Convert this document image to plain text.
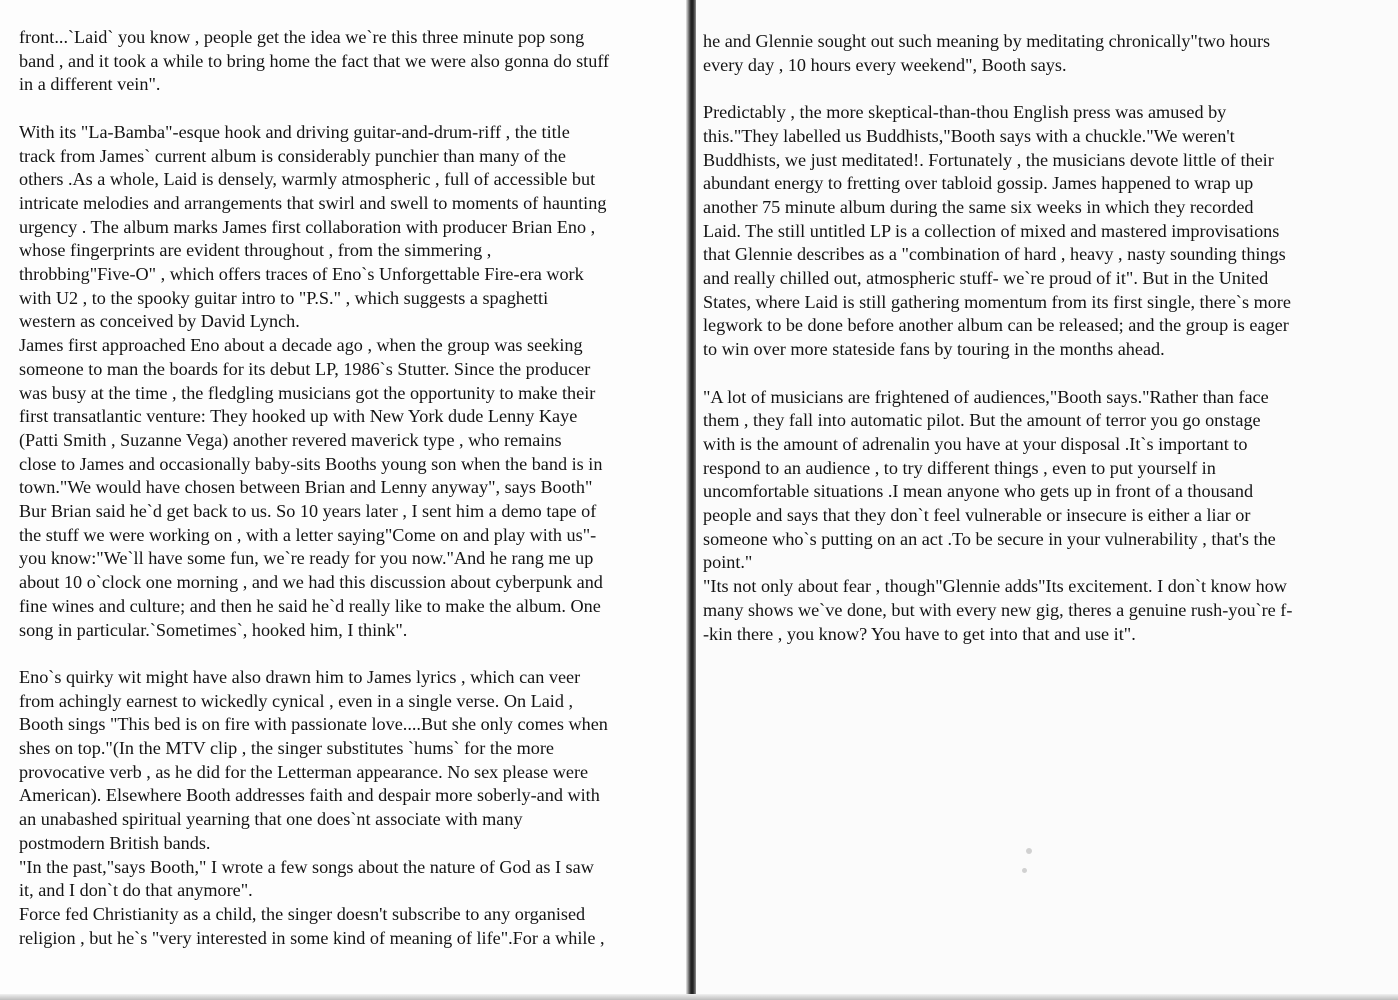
front...`Laid` you know , people get the idea we`re this three minute pop song
band , and it took a while to bring home the fact that we were also gonna do stuff
in a different vein".
With its "La-Bamba"-esque hook and driving guitar-and-drum-riff , the title
track from James` current album is considerably punchier than many of the
others .As a whole, Laid is densely, warmly atmospheric , full of accessible but
intricate melodies and arrangements that swirl and swell to moments of haunting
urgency . The album marks James first collaboration with producer Brian Eno ,
whose fingerprints are evident throughout , from the simmering ,
throbbing"Five-O" , which offers traces of Eno`s Unforgettable Fire-era work
with U2 , to the spooky guitar intro to "P.S." , which suggests a spaghetti
western as conceived by David Lynch.
James first approached Eno about a decade ago , when the group was seeking
someone to man the boards for its debut LP, 1986`s Stutter. Since the producer
was busy at the time , the fledgling musicians got the opportunity to make their
first transatlantic venture: They hooked up with New York dude Lenny Kaye
(Patti Smith , Suzanne Vega) another revered maverick type , who remains
close to James and occasionally baby-sits Booths young son when the band is in
town."We would have chosen between Brian and Lenny anyway", says Booth"
Bur Brian said he`d get back to us. So 10 years later , I sent him a demo tape of
the stuff we were working on , with a letter saying"Come on and play with us"-
you know:"We`ll have some fun, we`re ready for you now."And he rang me up
about 10 o`clock one morning , and we had this discussion about cyberpunk and
fine wines and culture; and then he said he`d really like to make the album. One
song in particular.`Sometimes`, hooked him, I think".
Eno`s quirky wit might have also drawn him to James lyrics , which can veer
from achingly earnest to wickedly cynical , even in a single verse. On Laid ,
Booth sings "This bed is on fire with passionate love....But she only comes when
shes on top."(In the MTV clip , the singer substitutes `hums` for the more
provocative verb , as he did for the Letterman appearance. No sex please were
American). Elsewhere Booth addresses faith and despair more soberly-and with
an unabashed spiritual yearning that one does`nt associate with many
postmodern British bands.
"In the past,"says Booth," I wrote a few songs about the nature of God as I saw
it, and I don`t do that anymore".
Force fed Christianity as a child, the singer doesn't subscribe to any organised
religion , but he`s "very interested in some kind of meaning of life".For a while ,
he and Glennie sought out such meaning by meditating chronically"two hours
every day , 10 hours every weekend", Booth says.
Predictably , the more skeptical-than-thou English press was amused by
this."They labelled us Buddhists,"Booth says with a chuckle."We weren't
Buddhists, we just meditated!. Fortunately , the musicians devote little of their
abundant energy to fretting over tabloid gossip. James happened to wrap up
another 75 minute album during the same six weeks in which they recorded
Laid. The still untitled LP is a collection of mixed and mastered improvisations
that Glennie describes as a "combination of hard , heavy , nasty sounding things
and really chilled out, atmospheric stuff- we`re proud of it". But in the United
States, where Laid is still gathering momentum from its first single, there`s more
legwork to be done before another album can be released; and the group is eager
to win over more stateside fans by touring in the months ahead.
"A lot of musicians are frightened of audiences,"Booth says."Rather than face
them , they fall into automatic pilot. But the amount of terror you go onstage
with is the amount of adrenalin you have at your disposal .It`s important to
respond to an audience , to try different things , even to put yourself in
uncomfortable situations .I mean anyone who gets up in front of a thousand
people and says that they don`t feel vulnerable or insecure is either a liar or
someone who`s putting on an act .To be secure in your vulnerability , that's the
point."
"Its not only about fear , though"Glennie adds"Its excitement. I don`t know how
many shows we`ve done, but with every new gig, theres a genuine rush-you`re f-
-kin there , you know? You have to get into that and use it".
